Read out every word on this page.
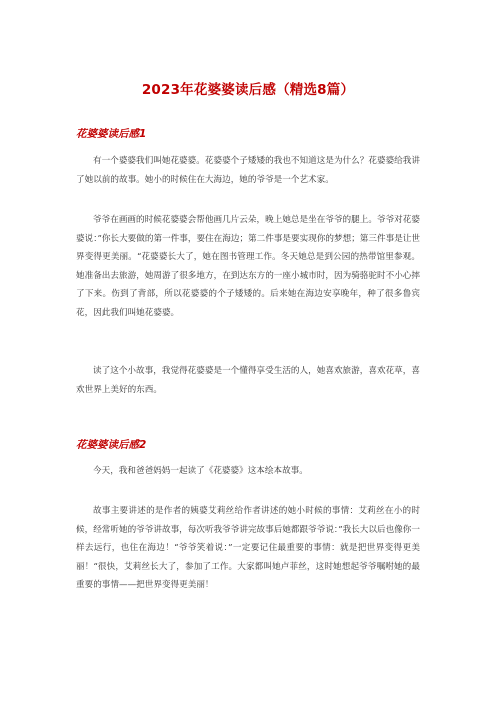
2023年花婆婆读后感（精选8篇）
花婆婆读后感1

有一个婆婆我们叫她花婆婆。花婆婆个子矮矮的我也不知道这是为什么？花婆婆给我讲了她以前的故事。她小的时候住在大海边，她的爷爷是一个艺术家。

爷爷在画画的时候花婆婆会帮他画几片云朵，晚上她总是坐在爷爷的腿上。爷爷对花婆婆说：”你长大要做的第一件事，要住在海边；第二件事是要实现你的梦想；第三件事是让世界变得更美丽。“花婆婆长大了，她在图书管理工作。冬天她总是到公园的热带馆里参观。她准备出去旅游，她周游了很多地方，在到达东方的一座小城市时，因为骑骆驼时不小心摔了下来。伤到了背部，所以花婆婆的个子矮矮的。后来她在海边安享晚年，种了很多鲁宾花，因此我们叫她花婆婆。

读了这个小故事，我觉得花婆婆是一个懂得享受生活的人，她喜欢旅游，喜欢花草，喜欢世界上美好的东西。

花婆婆读后感2

今天，我和爸爸妈妈一起读了《花婆婆》这本绘本故事。

故事主要讲述的是作者的姨婆艾莉丝给作者讲述的她小时候的事情：艾莉丝在小的时候，经常听她的爷爷讲故事，每次听我爷爷讲完故事后她都跟爷爷说：”我长大以后也像你一样去远行，也住在海边！“爷爷笑着说：”一定要记住最重要的事情：就是把世界变得更美丽！“很快，艾莉丝长大了，参加了工作。大家都叫她卢菲丝，这时她想起爷爷嘱咐她的最重要的事情——把世界变得更美丽！
